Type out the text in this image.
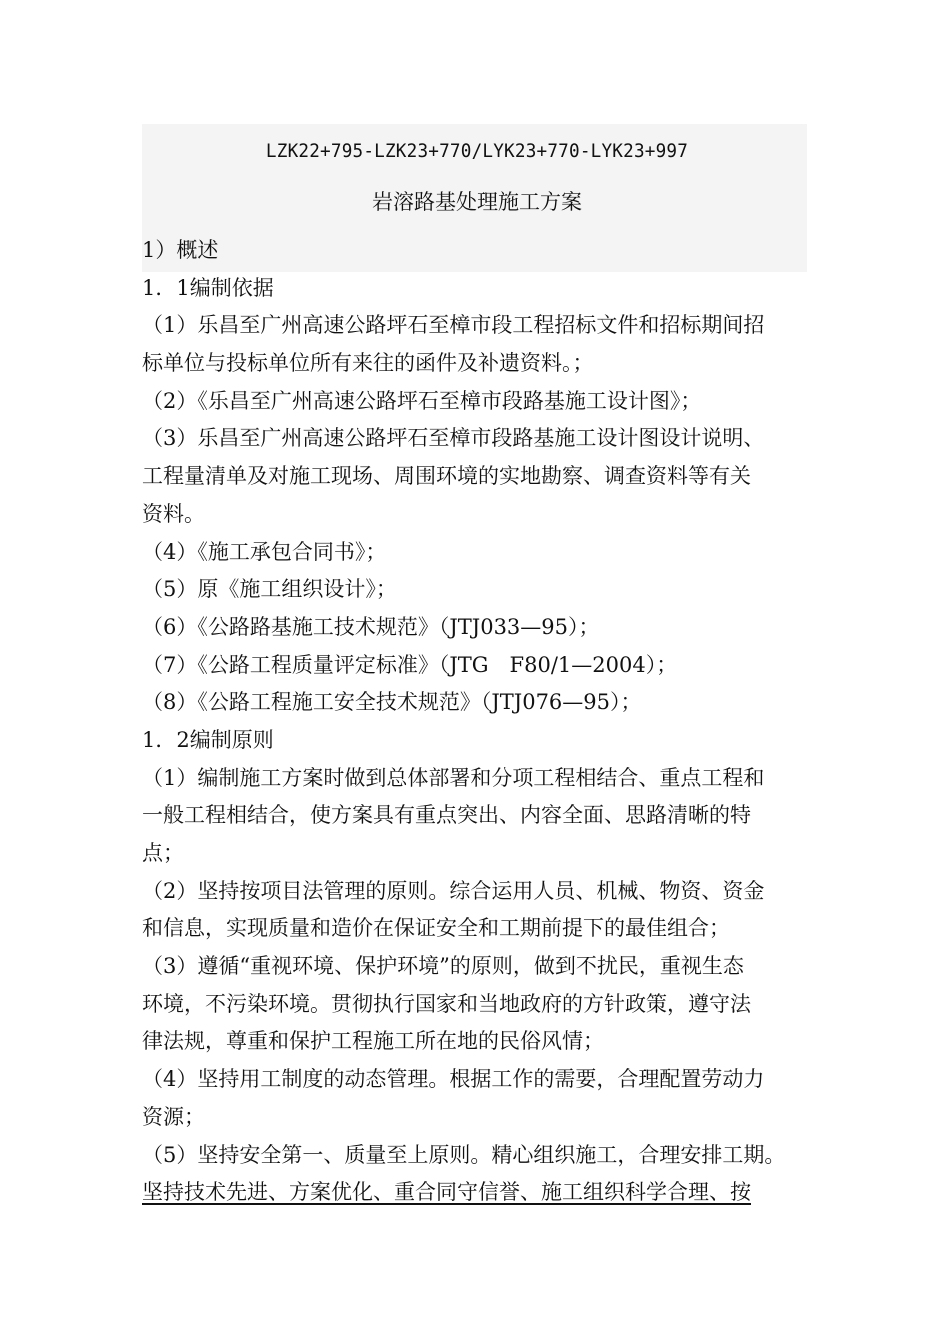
LZK22+795-LZK23+770/LYK23+770-LYK23+997
岩溶路基处理施工方案
1）概述
1．1编制依据
（1）乐昌至广州高速公路坪石至樟市段工程招标文件和招标期间招
标单位与投标单位所有来往的函件及补遗资料。；
（2）《乐昌至广州高速公路坪石至樟市段路基施工设计图》；
（3）乐昌至广州高速公路坪石至樟市段路基施工设计图设计说明、
工程量清单及对施工现场、周围环境的实地勘察、调查资料等有关
资料。
（4）《施工承包合同书》；
（5）原《施工组织设计》；
（6）《公路路基施工技术规范》（JTJ033—95）；
（7）《公路工程质量评定标准》（JTG　F80/1—2004）；
（8）《公路工程施工安全技术规范》（JTJ076—95）；
1．2编制原则
（1）编制施工方案时做到总体部署和分项工程相结合、重点工程和
一般工程相结合，使方案具有重点突出、内容全面、思路清晰的特
点；
（2）坚持按项目法管理的原则。综合运用人员、机械、物资、资金
和信息，实现质量和造价在保证安全和工期前提下的最佳组合；
（3）遵循“重视环境、保护环境”的原则，做到不扰民，重视生态
环境，不污染环境。贯彻执行国家和当地政府的方针政策，遵守法
律法规，尊重和保护工程施工所在地的民俗风情；
（4）坚持用工制度的动态管理。根据工作的需要，合理配置劳动力
资源；
（5）坚持安全第一、质量至上原则。精心组织施工，合理安排工期。
坚持技术先进、方案优化、重合同守信誉、施工组织科学合理、按
